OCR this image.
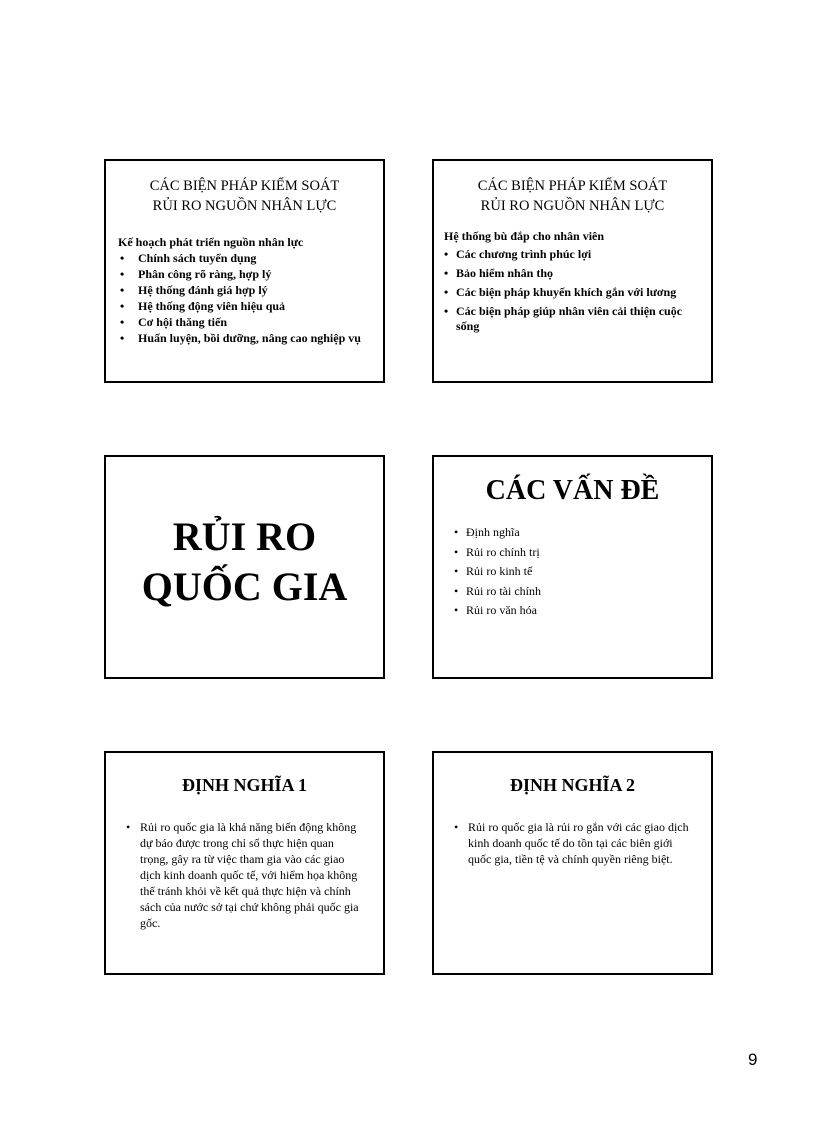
CÁC BIỆN PHÁP KIỂM SOÁT
RỦI RO NGUỒN NHÂN LỰC
Kế hoạch phát triển nguồn nhân lực
• Chính sách tuyển dụng
• Phân công rõ ràng, hợp lý
• Hệ thống đánh giá hợp lý
• Hệ thống động viên hiệu quả
• Cơ hội thăng tiến
• Huấn luyện, bồi dưỡng, nâng cao nghiệp vụ
CÁC BIỆN PHÁP KIỂM SOÁT
RỦI RO NGUỒN NHÂN LỰC
Hệ thống bù đắp cho nhân viên
• Các chương trình phúc lợi
• Bảo hiểm nhân thọ
• Các biện pháp khuyến khích gắn với lương
• Các biện pháp giúp nhân viên cải thiện cuộc sống
RỦI RO
QUỐC GIA
CÁC VẤN ĐỀ
• Định nghĩa
• Rủi ro chính trị
• Rủi ro kinh tế
• Rủi ro tài chính
• Rủi ro văn hóa
ĐỊNH NGHĨA 1
• Rủi ro quốc gia là khả năng biến động không dự báo được trong chỉ số thực hiện quan trọng, gây ra từ việc tham gia vào các giao dịch kinh doanh quốc tế, với hiểm họa không thể tránh khỏi về kết quả thực hiện và chính sách của nước sở tại chứ không phải quốc gia gốc.
ĐỊNH NGHĨA 2
• Rủi ro quốc gia là rủi ro gắn với các giao dịch kinh doanh quốc tế do tồn tại các biên giới quốc gia, tiền tệ và chính quyền riêng biệt.
9
